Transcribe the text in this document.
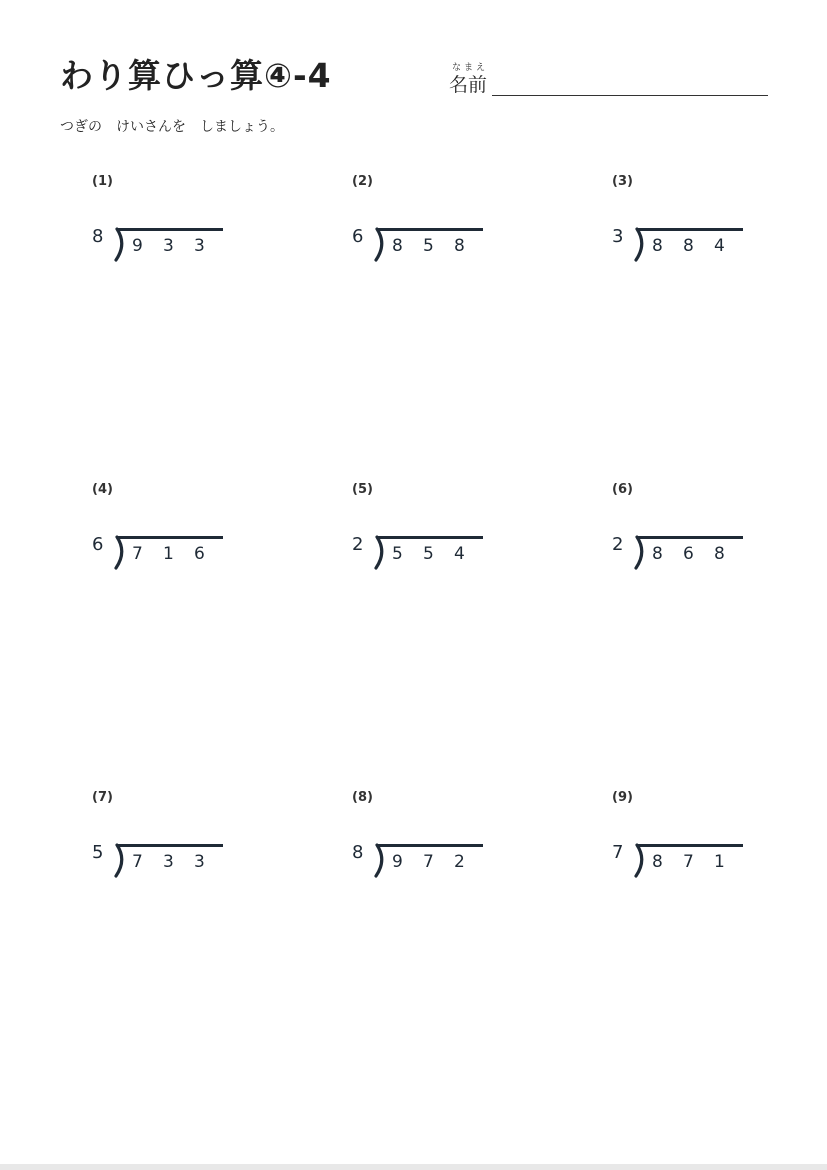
わり算ひっ算④-4	なまえ
名前
つぎの　けいさんを　しましょう。
(1)
8 9 3 3
(2)
6 8 5 8
(3)
3 8 8 4
(4)
6 7 1 6
(5)
2 5 5 4
(6)
2 8 6 8
(7)
5 7 3 3
(8)
8 9 7 2
(9)
7 8 7 1
